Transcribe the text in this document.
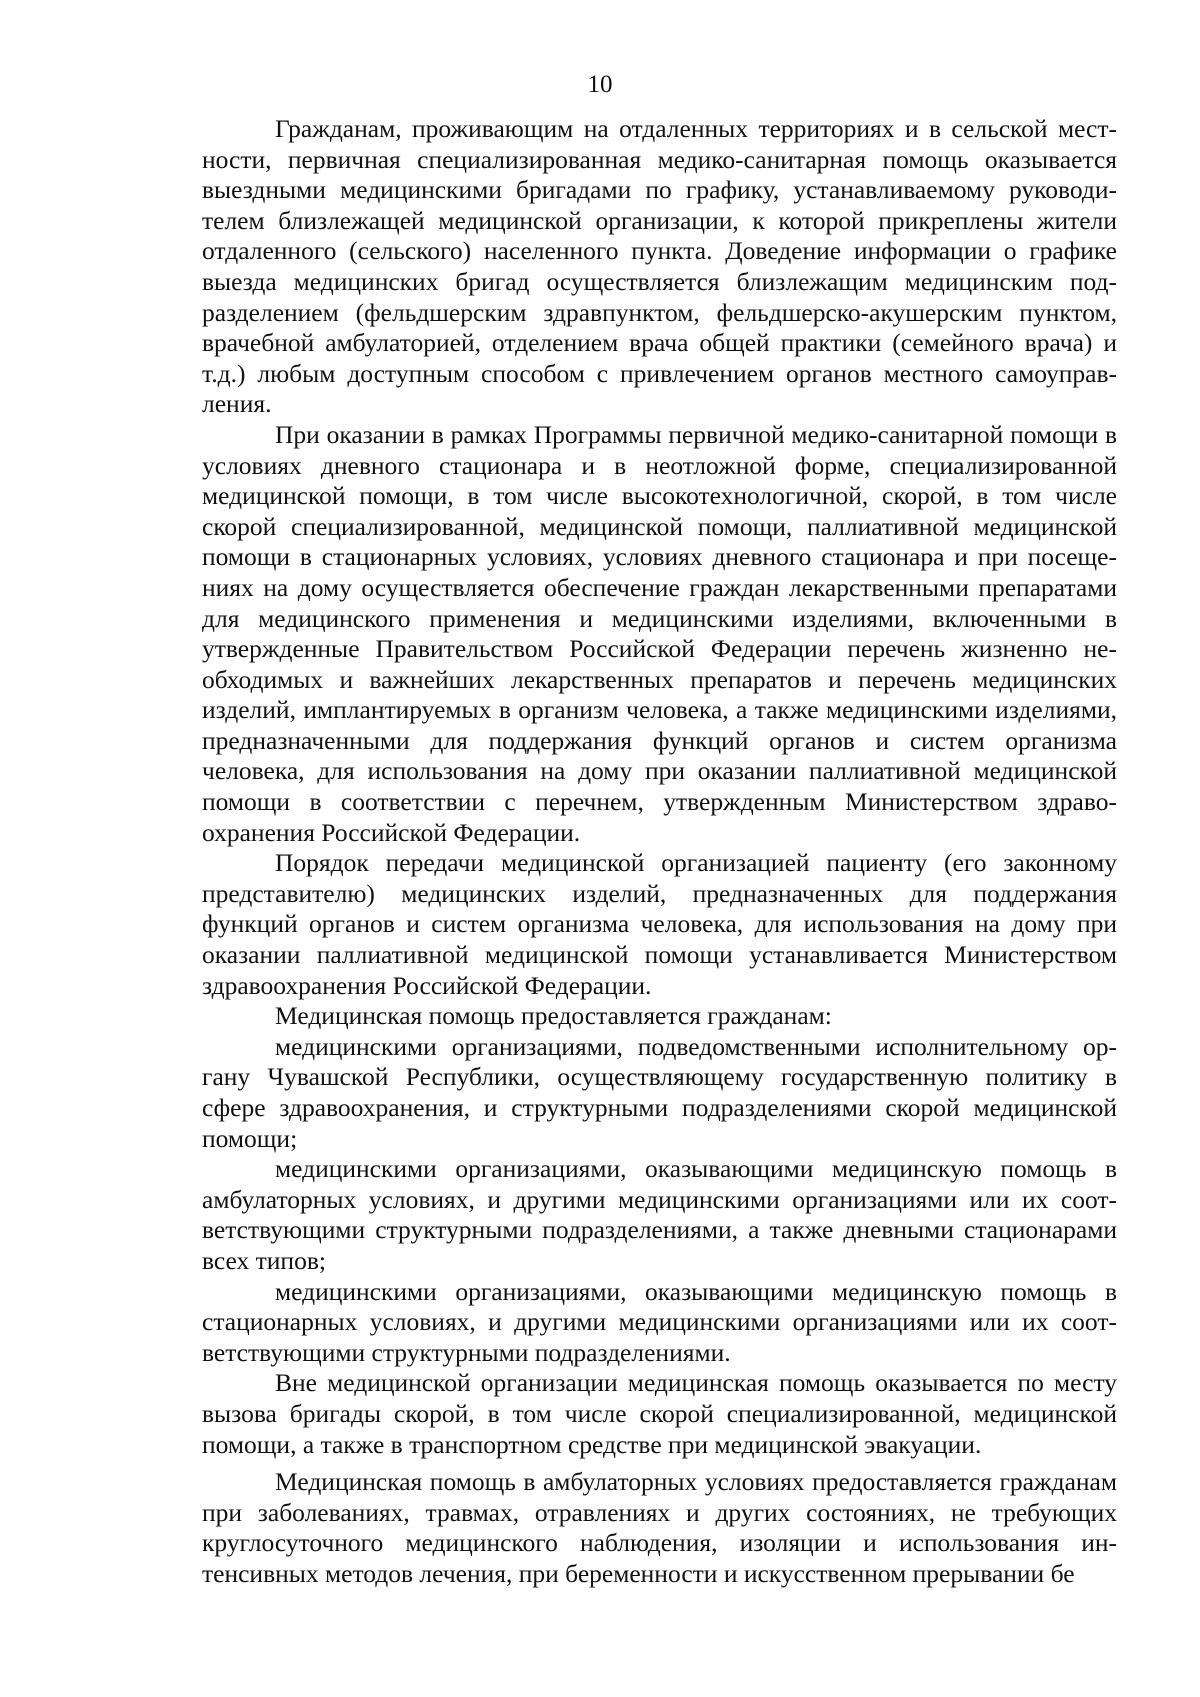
10

Гражданам, проживающим на отдаленных территориях и в сельской местности, первичная специализированная медико-санитарная помощь оказывается выездными медицинскими бригадами по графику, устанавливаемому руководителем близлежащей медицинской организации, к которой прикреплены жители отдаленного (сельского) населенного пункта. Доведение информации о графике выезда медицинских бригад осуществляется близлежащим медицинским подразделением (фельдшерским здравпунктом, фельдшерско-акушерским пунктом, врачебной амбулаторией, отделением врача общей практики (семейного врача) и т.д.) любым доступным способом с привлечением органов местного самоуправления.

При оказании в рамках Программы первичной медико-санитарной помощи в условиях дневного стационара и в неотложной форме, специализированной медицинской помощи, в том числе высокотехнологичной, скорой, в том числе скорой специализированной, медицинской помощи, паллиативной медицинской помощи в стационарных условиях, условиях дневного стационара и при посещениях на дому осуществляется обеспечение граждан лекарственными препаратами для медицинского применения и медицинскими изделиями, включенными в утвержденные Правительством Российской Федерации перечень жизненно необходимых и важнейших лекарственных препаратов и перечень медицинских изделий, имплантируемых в организм человека, а также медицинскими изделиями, предназначенными для поддержания функций органов и систем организма человека, для использования на дому при оказании паллиативной медицинской помощи в соответствии с перечнем, утвержденным Министерством здравоохранения Российской Федерации.

Порядок передачи медицинской организацией пациенту (его законному представителю) медицинских изделий, предназначенных для поддержания функций органов и систем организма человека, для использования на дому при оказании паллиативной медицинской помощи устанавливается Министерством здравоохранения Российской Федерации.

Медицинская помощь предоставляется гражданам:

медицинскими организациями, подведомственными исполнительному органу Чувашской Республики, осуществляющему государственную политику в сфере здравоохранения, и структурными подразделениями скорой медицинской помощи;

медицинскими организациями, оказывающими медицинскую помощь в амбулаторных условиях, и другими медицинскими организациями или их соответствующими структурными подразделениями, а также дневными стационарами всех типов;

медицинскими организациями, оказывающими медицинскую помощь в стационарных условиях, и другими медицинскими организациями или их соответствующими структурными подразделениями.

Вне медицинской организации медицинская помощь оказывается по месту вызова бригады скорой, в том числе скорой специализированной, медицинской помощи, а также в транспортном средстве при медицинской эвакуации.

Медицинская помощь в амбулаторных условиях предоставляется гражданам при заболеваниях, травмах, отравлениях и других состояниях, не требующих круглосуточного медицинского наблюдения, изоляции и использования интенсивных методов лечения, при беременности и искусственном прерывании бе
